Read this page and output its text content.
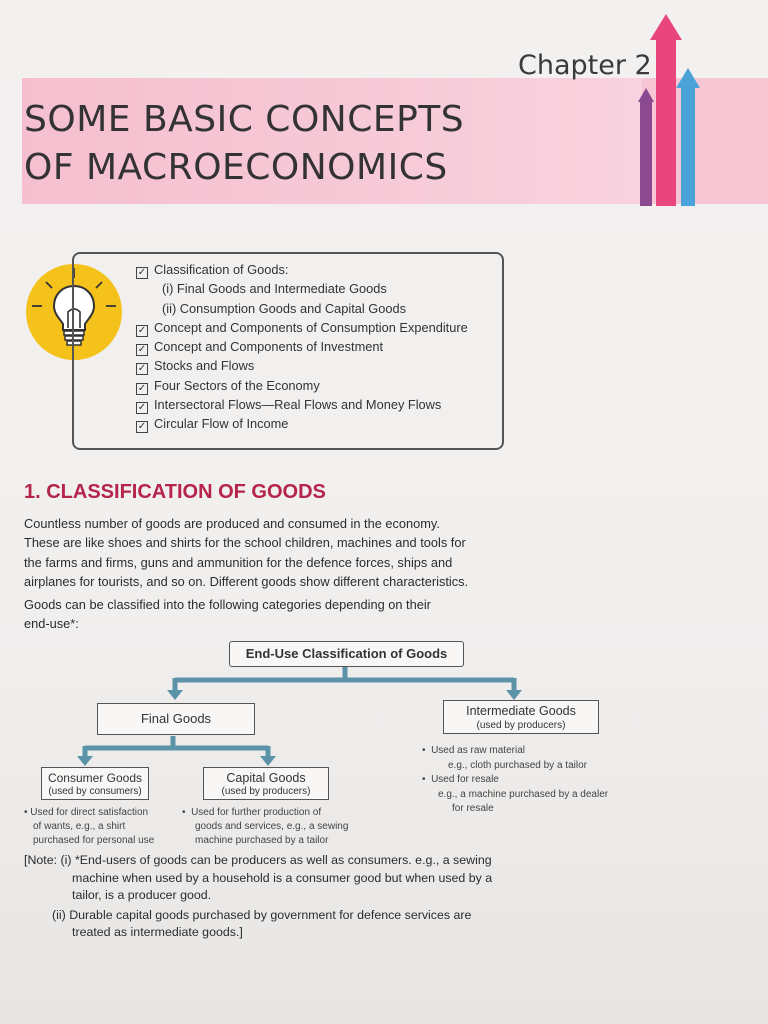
Chapter 2
SOME BASIC CONCEPTS
OF MACROECONOMICS
✓ Classification of Goods:
(i) Final Goods and Intermediate Goods
(ii) Consumption Goods and Capital Goods
✓ Concept and Components of Consumption Expenditure
✓ Concept and Components of Investment
✓ Stocks and Flows
✓ Four Sectors of the Economy
✓ Intersectoral Flows—Real Flows and Money Flows
✓ Circular Flow of Income
1. CLASSIFICATION OF GOODS
Countless number of goods are produced and consumed in the economy.
These are like shoes and shirts for the school children, machines and tools for
the farms and firms, guns and ammunition for the defence forces, ships and
airplanes for tourists, and so on. Different goods show different characteristics.
Goods can be classified into the following categories depending on their
end-use*:
End-Use Classification of Goods
Final Goods	Intermediate Goods
(used by producers)
Consumer Goods
(used by consumers)
Capital Goods
(used by producers)
•  Used as raw material
e.g., cloth purchased by a tailor
•  Used for resale
e.g., a machine purchased by a dealer
for resale
• Used for direct satisfaction
of wants, e.g., a shirt
purchased for personal use
•  Used for further production of
goods and services, e.g., a sewing
machine purchased by a tailor
[Note: (i) *End-users of goods can be producers as well as consumers. e.g., a sewing
machine when used by a household is a consumer good but when used by a
tailor, is a producer good.
(ii) Durable capital goods purchased by government for defence services are
treated as intermediate goods.]
